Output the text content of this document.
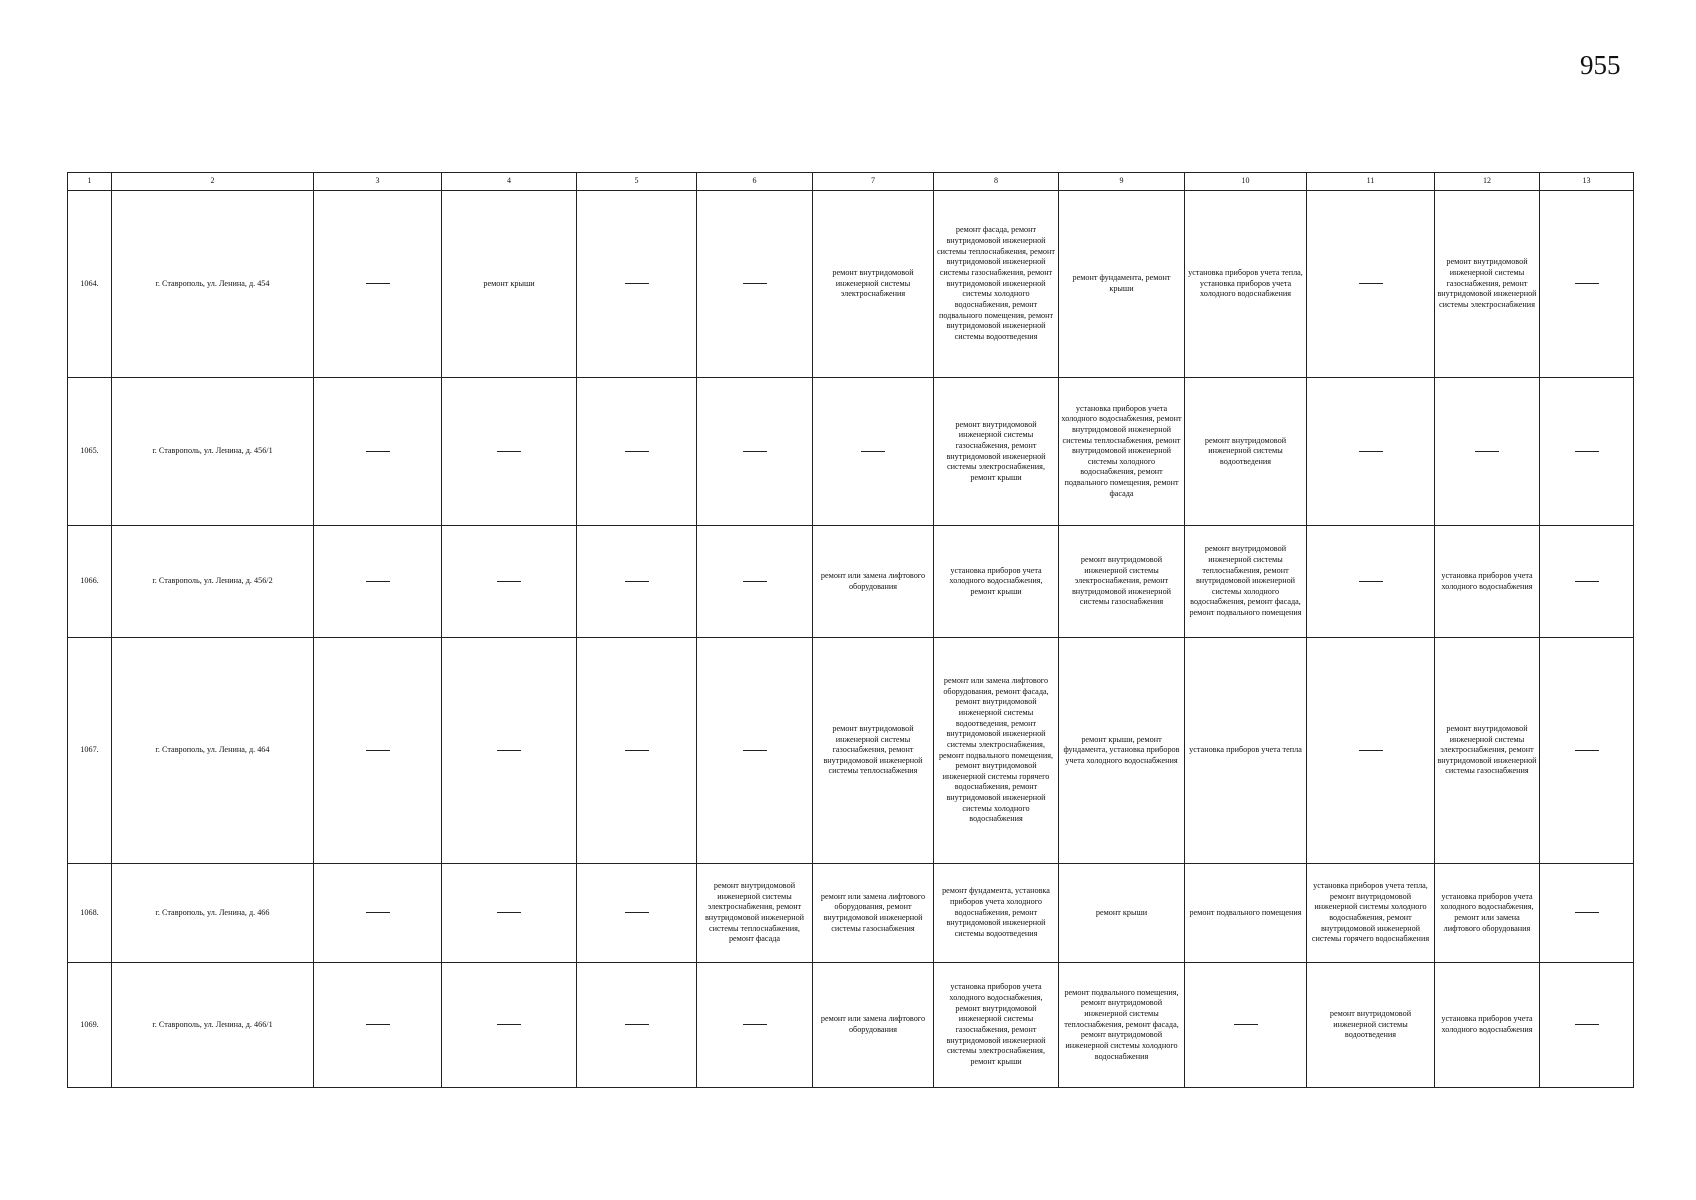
955
1	2	3	4	5	6	7	8	9	10	11	12	13
1064.	г. Ставрополь, ул. Ленина, д. 454		ремонт крыши			ремонт внутридомовой инженерной системы электроснабжения	ремонт фасада, ремонт внутридомовой инженерной системы теплоснабжения, ремонт внутридомовой инженерной системы газоснабжения, ремонт внутридомовой инженерной системы холодного водоснабжения, ремонт подвального помещения, ремонт внутридомовой инженерной системы водоотведения	ремонт фундамента, ремонт крыши	установка приборов учета тепла, установка приборов учета холодного водоснабжения		ремонт внутридомовой инженерной системы газоснабжения, ремонт внутридомовой инженерной системы электроснабжения	
1065.	г. Ставрополь, ул. Ленина, д. 456/1						ремонт внутридомовой инженерной системы газоснабжения, ремонт внутридомовой инженерной системы электроснабжения, ремонт крыши	установка приборов учета холодного водоснабжения, ремонт внутридомовой инженерной системы теплоснабжения, ремонт внутридомовой инженерной системы холодного водоснабжения, ремонт подвального помещения, ремонт фасада	ремонт внутридомовой инженерной системы водоотведения			
1066.	г. Ставрополь, ул. Ленина, д. 456/2					ремонт или замена лифтового оборудования	установка приборов учета холодного водоснабжения, ремонт крыши	ремонт внутридомовой инженерной системы электроснабжения, ремонт внутридомовой инженерной системы газоснабжения	ремонт внутридомовой инженерной системы теплоснабжения, ремонт внутридомовой инженерной системы холодного водоснабжения, ремонт фасада, ремонт подвального помещения		установка приборов учета холодного водоснабжения	
1067.	г. Ставрополь, ул. Ленина, д. 464					ремонт внутридомовой инженерной системы газоснабжения, ремонт внутридомовой инженерной системы теплоснабжения	ремонт или замена лифтового оборудования, ремонт фасада, ремонт внутридомовой инженерной системы водоотведения, ремонт внутридомовой инженерной системы электроснабжения, ремонт подвального помещения, ремонт внутридомовой инженерной системы горячего водоснабжения, ремонт внутридомовой инженерной системы холодного водоснабжения	ремонт крыши, ремонт фундамента, установка приборов учета холодного водоснабжения	установка приборов учета тепла		ремонт внутридомовой инженерной системы электроснабжения, ремонт внутридомовой инженерной системы газоснабжения	
1068.	г. Ставрополь, ул. Ленина, д. 466				ремонт внутридомовой инженерной системы электроснабжения, ремонт внутридомовой инженерной системы теплоснабжения, ремонт фасада	ремонт или замена лифтового оборудования, ремонт внутридомовой инженерной системы газоснабжения	ремонт фундамента, установка приборов учета холодного водоснабжения, ремонт внутридомовой инженерной системы водоотведения	ремонт крыши	ремонт подвального помещения	установка приборов учета тепла, ремонт внутридомовой инженерной системы холодного водоснабжения, ремонт внутридомовой инженерной системы горячего водоснабжения	установка приборов учета холодного водоснабжения, ремонт или замена лифтового оборудования	
1069.	г. Ставрополь, ул. Ленина, д. 466/1					ремонт или замена лифтового оборудования	установка приборов учета холодного водоснабжения, ремонт внутридомовой инженерной системы газоснабжения, ремонт внутридомовой инженерной системы электроснабжения, ремонт крыши	ремонт подвального помещения, ремонт внутридомовой инженерной системы теплоснабжения, ремонт фасада, ремонт внутридомовой инженерной системы холодного водоснабжения		ремонт внутридомовой инженерной системы водоотведения	установка приборов учета холодного водоснабжения	
